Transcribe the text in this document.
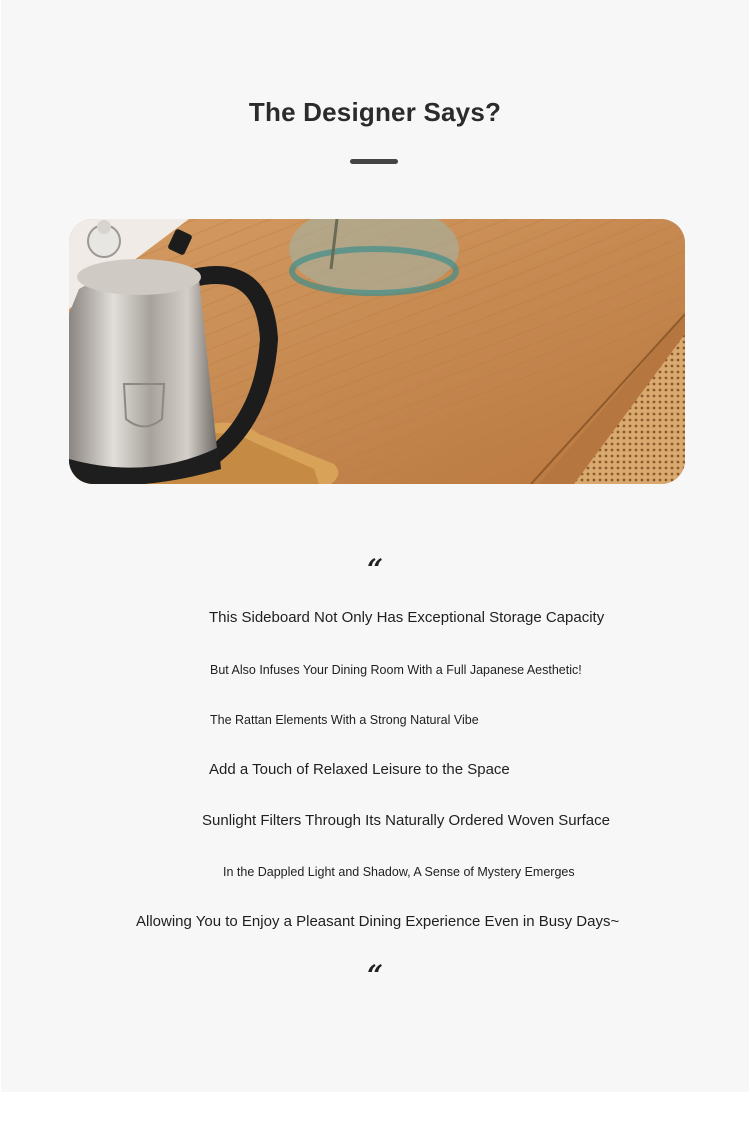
The Designer Says?
“
This Sideboard Not Only Has Exceptional Storage Capacity
But Also Infuses Your Dining Room With a Full Japanese Aesthetic!
The Rattan Elements With a Strong Natural Vibe
Add a Touch of Relaxed Leisure to the Space
Sunlight Filters Through Its Naturally Ordered Woven Surface
In the Dappled Light and Shadow, A Sense of Mystery Emerges
Allowing You to Enjoy a Pleasant Dining Experience Even in Busy Days~
“
